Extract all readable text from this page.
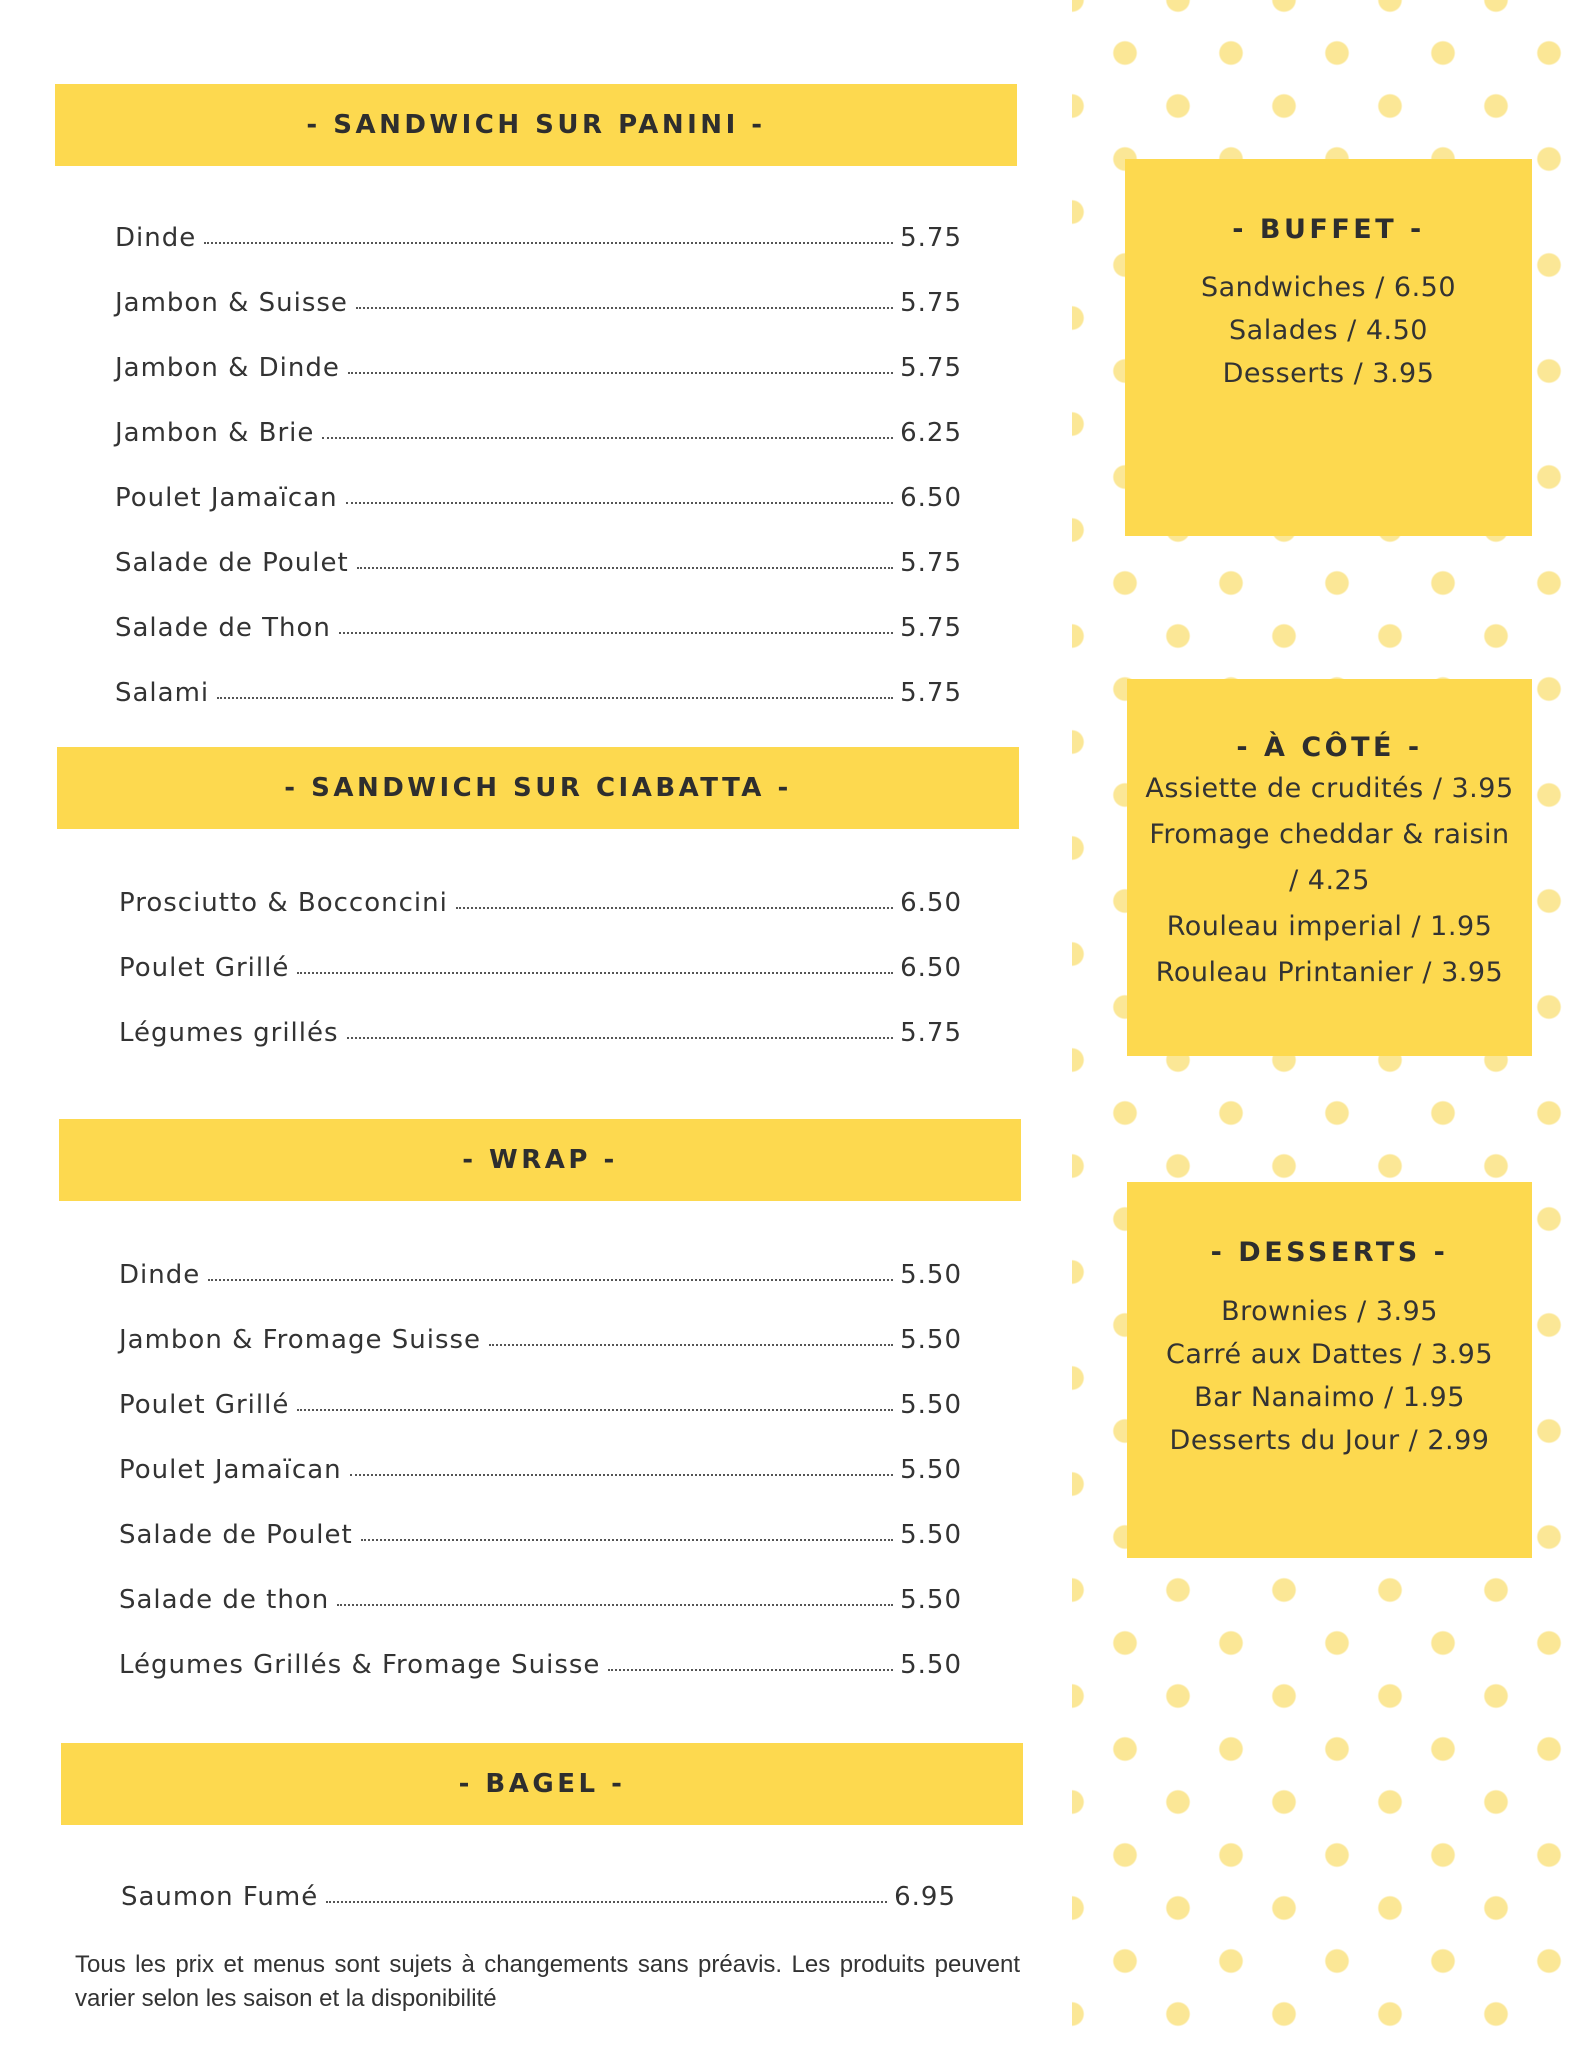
- SANDWICH SUR PANINI -
Dinde	5.75
Jambon & Suisse	5.75
Jambon & Dinde	5.75
Jambon & Brie	6.25
Poulet Jamaïcan	6.50
Salade de Poulet	5.75
Salade de Thon	5.75
Salami	5.75
- SANDWICH SUR CIABATTA -
Prosciutto & Bocconcini	6.50
Poulet Grillé	6.50
Légumes grillés	5.75
- WRAP -
Dinde	5.50
Jambon & Fromage Suisse	5.50
Poulet Grillé	5.50
Poulet Jamaïcan	5.50
Salade de Poulet	5.50
Salade de thon	5.50
Légumes Grillés & Fromage Suisse	5.50
- BAGEL -
Saumon Fumé	6.95
Tous les prix et menus sont sujets à changements sans préavis. Les produits peuvent varier selon les saison et la disponibilité
- BUFFET -
Sandwiches / 6.50
Salades / 4.50
Desserts / 3.95
- À CÔTÉ -
Assiette de crudités / 3.95
Fromage cheddar & raisin
/ 4.25
Rouleau imperial / 1.95
Rouleau Printanier / 3.95
- DESSERTS -
Brownies / 3.95
Carré aux Dattes / 3.95
Bar Nanaimo / 1.95
Desserts du Jour / 2.99
